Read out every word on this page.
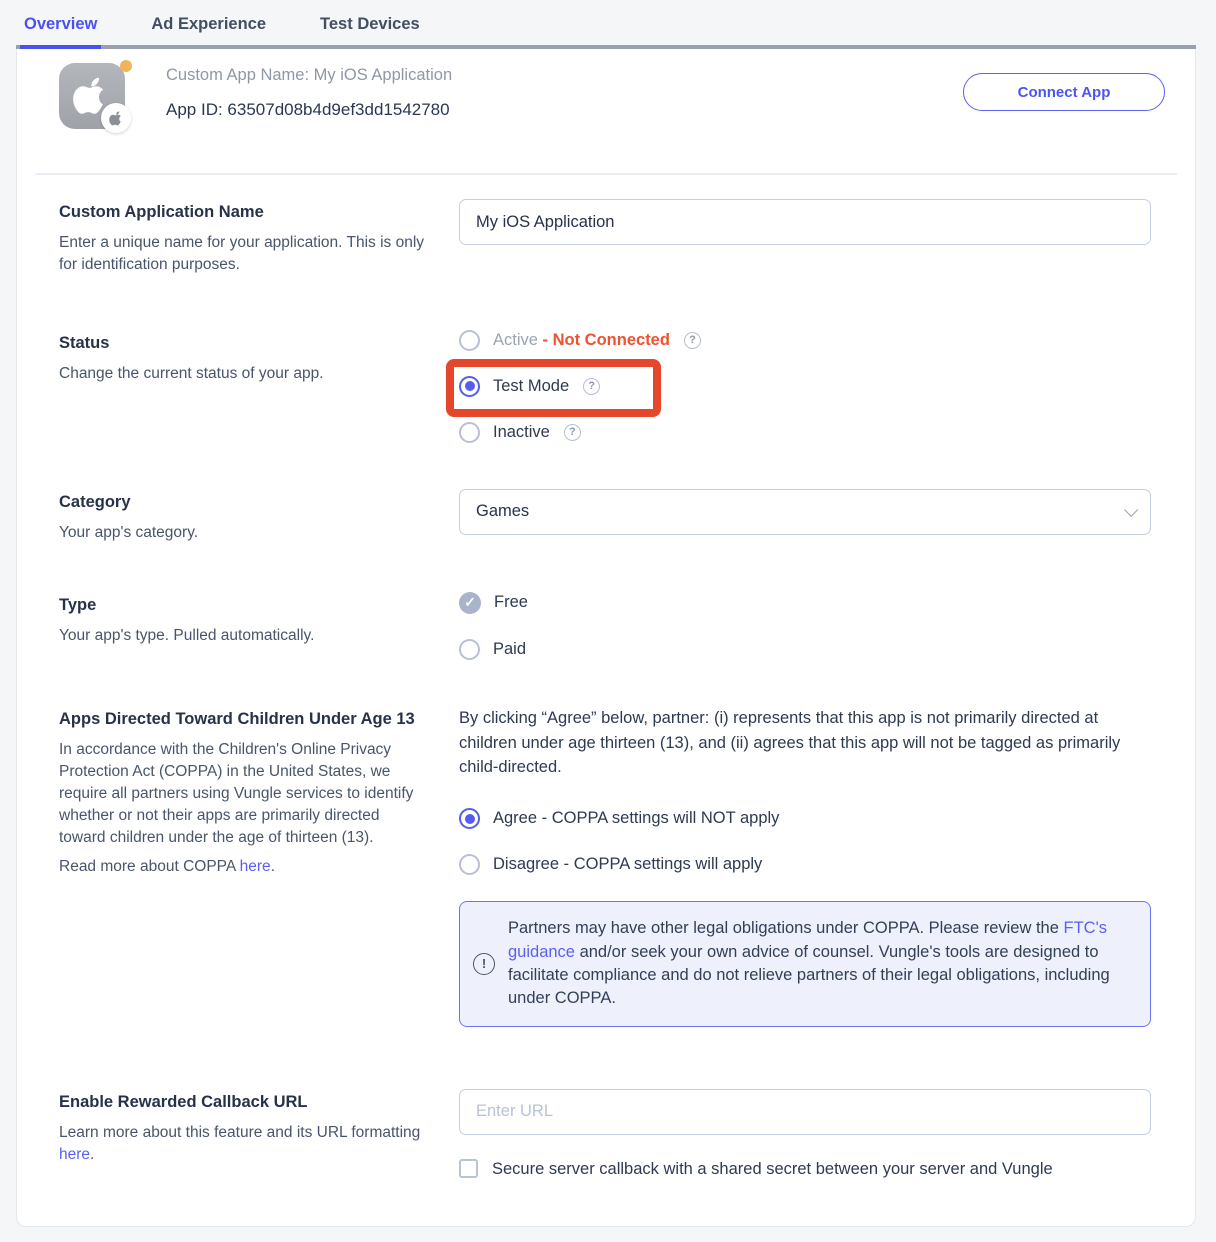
Overview	Ad Experience	Test Devices
Custom App Name: My iOS Application
App ID: 63507d08b4d9ef3dd1542780
Connect App
Custom Application Name
Enter a unique name for your application. This is only for identification purposes.
My iOS Application
Status
Change the current status of your app.
Active - Not Connected	?
Test Mode	?
Inactive	?
Category
Your app's category.
Games
Type
Your app's type. Pulled automatically.
✓	Free
Paid
Apps Directed Toward Children Under Age 13
In accordance with the Children's Online Privacy Protection Act (COPPA) in the United States, we require all partners using Vungle services to identify whether or not their apps are primarily directed toward children under the age of thirteen (13).
Read more about COPPA here.
By clicking “Agree” below, partner: (i) represents that this app is not primarily directed at children under age thirteen (13), and (ii) agrees that this app will not be tagged as primarily child-directed.
Agree - COPPA settings will NOT apply
Disagree - COPPA settings will apply
!
Partners may have other legal obligations under COPPA. Please review the FTC's guidance and/or seek your own advice of counsel. Vungle's tools are designed to facilitate compliance and do not relieve partners of their legal obligations, including under COPPA.
Enable Rewarded Callback URL
Learn more about this feature and its URL formatting here.
Enter URL
Secure server callback with a shared secret between your server and Vungle
